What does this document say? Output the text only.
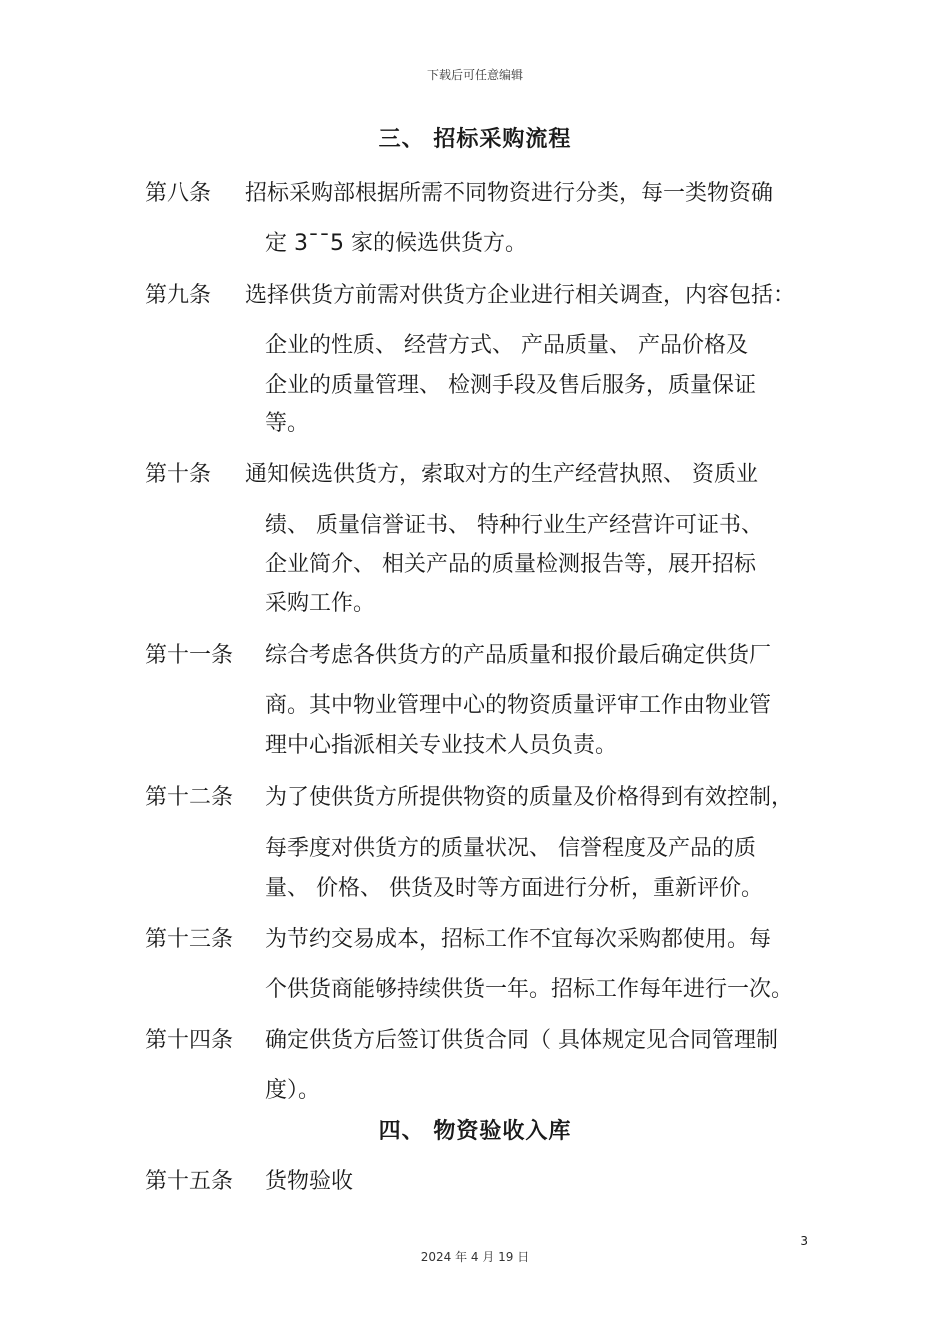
下载后可任意编辑
三、 招标采购流程
第八条 招标采购部根据所需不同物资进行分类，每一类物资确
定 3¯¯5 家的候选供货方。
第九条 选择供货方前需对供货方企业进行相关调查，内容包括：
企业的性质、 经营方式、 产品质量、 产品价格及
企业的质量管理、 检测手段及售后服务，质量保证
等。
第十条 通知候选供货方，索取对方的生产经营执照、 资质业
绩、 质量信誉证书、 特种行业生产经营许可证书、
企业简介、 相关产品的质量检测报告等，展开招标
采购工作。
第十一条 综合考虑各供货方的产品质量和报价最后确定供货厂
商。其中物业管理中心的物资质量评审工作由物业管
理中心指派相关专业技术人员负责。
第十二条 为了使供货方所提供物资的质量及价格得到有效控制，
每季度对供货方的质量状况、 信誉程度及产品的质
量、 价格、 供货及时等方面进行分析，重新评价。
第十三条 为节约交易成本，招标工作不宜每次采购都使用。每
个供货商能够持续供货一年。招标工作每年进行一次。
第十四条 确定供货方后签订供货合同（ 具体规定见合同管理制
度）。
四、 物资验收入库
第十五条 货物验收
3
2024 年 4 月 19 日
